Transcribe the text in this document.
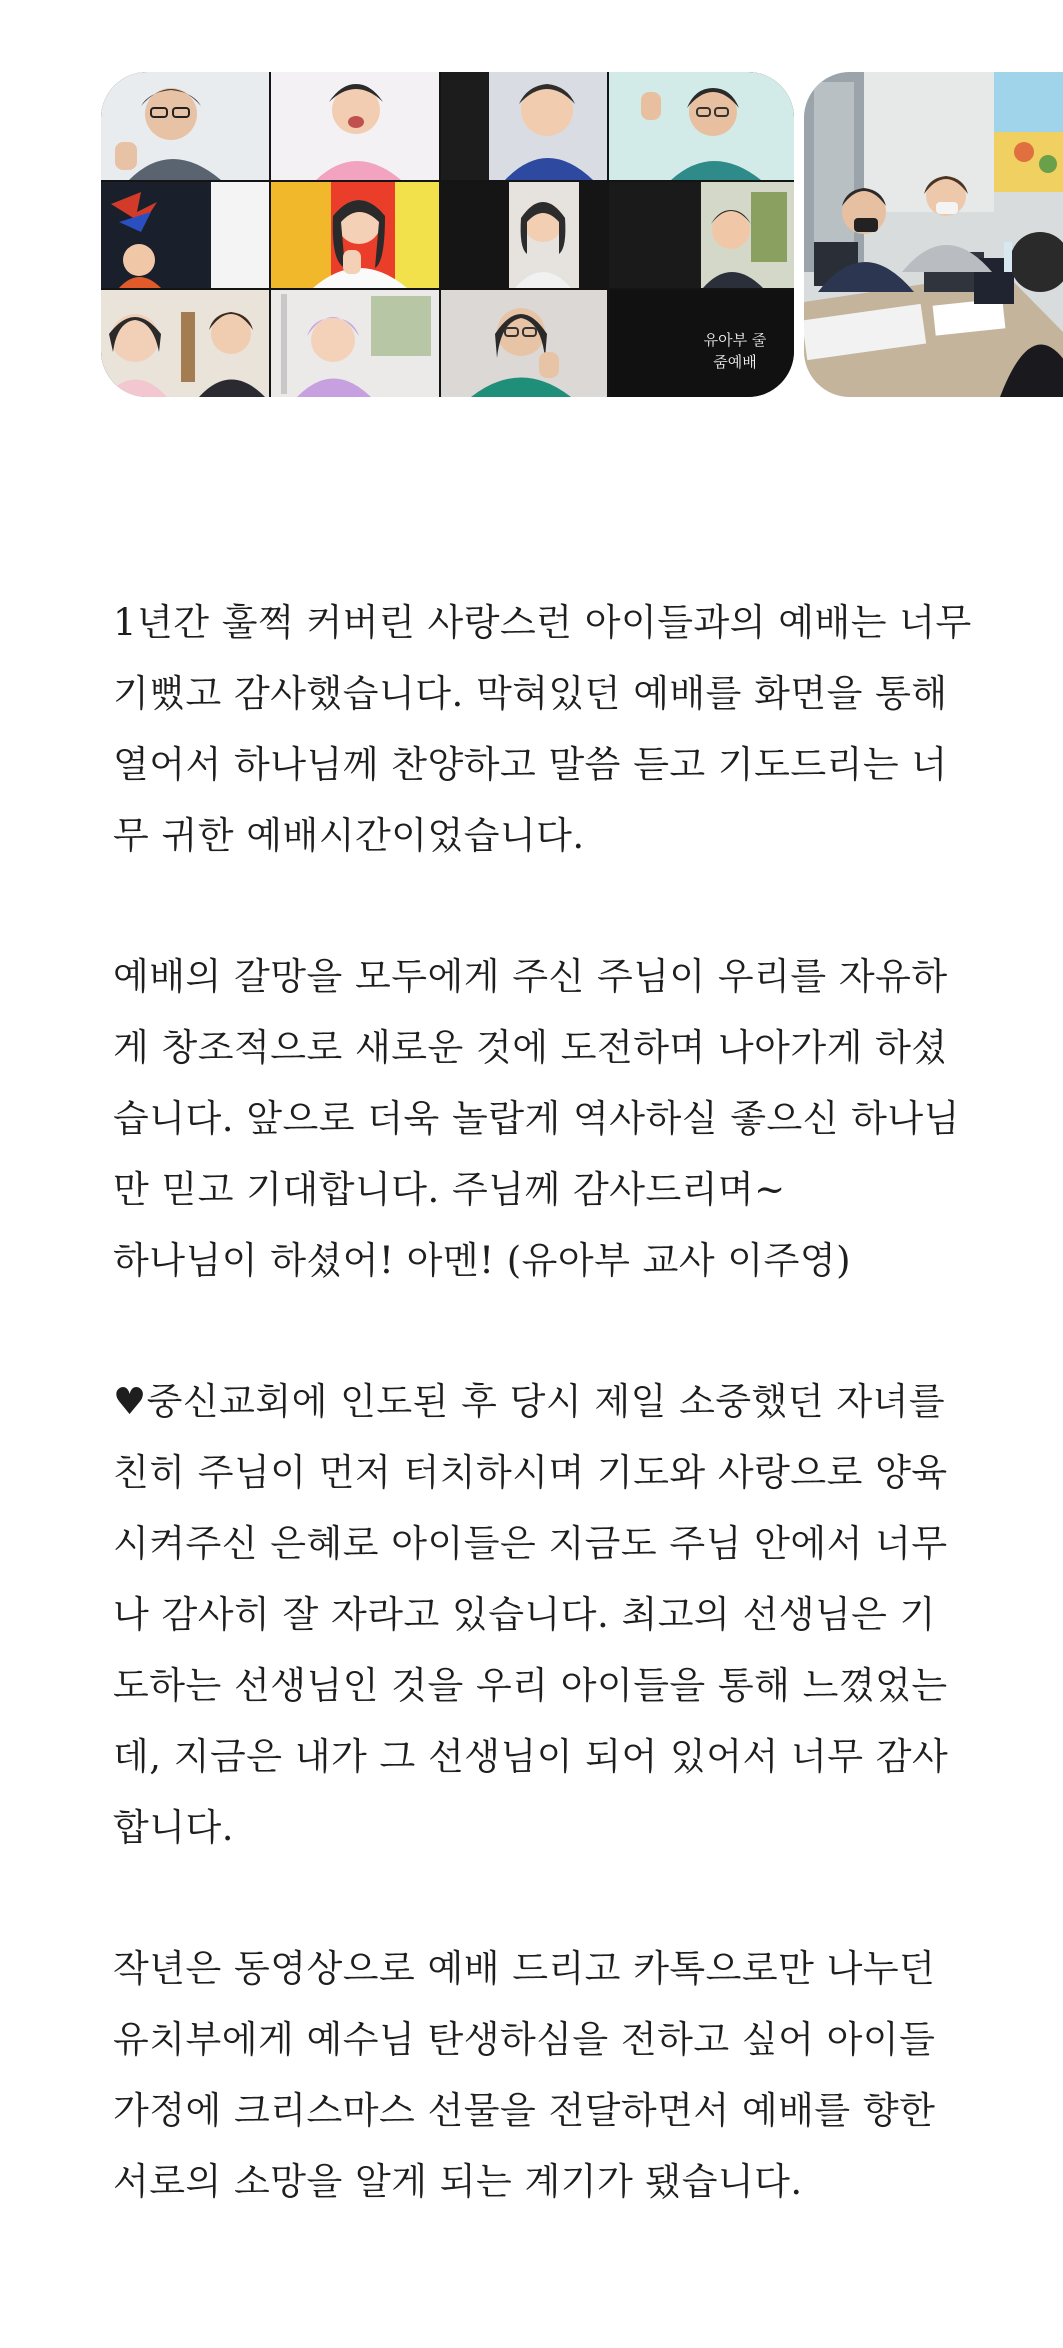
유아부 줄
줌예배

1년간 훌쩍 커버린 사랑스런 아이들과의 예배는 너무
기뻤고 감사했습니다. 막혀있던 예배를 화면을 통해
열어서 하나님께 찬양하고 말씀 듣고 기도드리는 너
무 귀한 예배시간이었습니다.

예배의 갈망을 모두에게 주신 주님이 우리를 자유하
게 창조적으로 새로운 것에 도전하며 나아가게 하셨
습니다. 앞으로 더욱 놀랍게 역사하실 좋으신 하나님
만 믿고 기대합니다. 주님께 감사드리며~
하나님이 하셨어! 아멘! (유아부 교사 이주영)

♥중신교회에 인도된 후 당시 제일 소중했던 자녀를
친히 주님이 먼저 터치하시며 기도와 사랑으로 양육
시켜주신 은혜로 아이들은 지금도 주님 안에서 너무
나 감사히 잘 자라고 있습니다. 최고의 선생님은 기
도하는 선생님인 것을 우리 아이들을 통해 느꼈었는
데, 지금은 내가 그 선생님이 되어 있어서 너무 감사
합니다.

작년은 동영상으로 예배 드리고 카톡으로만 나누던
유치부에게 예수님 탄생하심을 전하고 싶어 아이들
가정에 크리스마스 선물을 전달하면서 예배를 향한
서로의 소망을 알게 되는 계기가 됐습니다.
